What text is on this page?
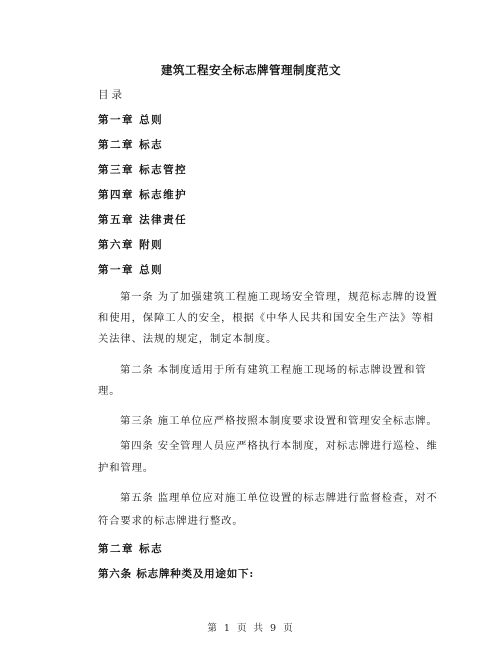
建筑工程安全标志牌管理制度范文
目录
第一章 总则
第二章 标志
第三章 标志管控
第四章 标志维护
第五章 法律责任
第六章 附则
第一章 总则
第一条 为了加强建筑工程施工现场安全管理，规范标志牌的设置
和使用，保障工人的安全，根据《中华人民共和国安全生产法》等相
关法律、法规的规定，制定本制度。
第二条 本制度适用于所有建筑工程施工现场的标志牌设置和管
理。
第三条 施工单位应严格按照本制度要求设置和管理安全标志牌。
第四条 安全管理人员应严格执行本制度，对标志牌进行巡检、维
护和管理。
第五条 监理单位应对施工单位设置的标志牌进行监督检查，对不
符合要求的标志牌进行整改。
第二章 标志
第六条 标志牌种类及用途如下:
第 1 页 共 9 页
